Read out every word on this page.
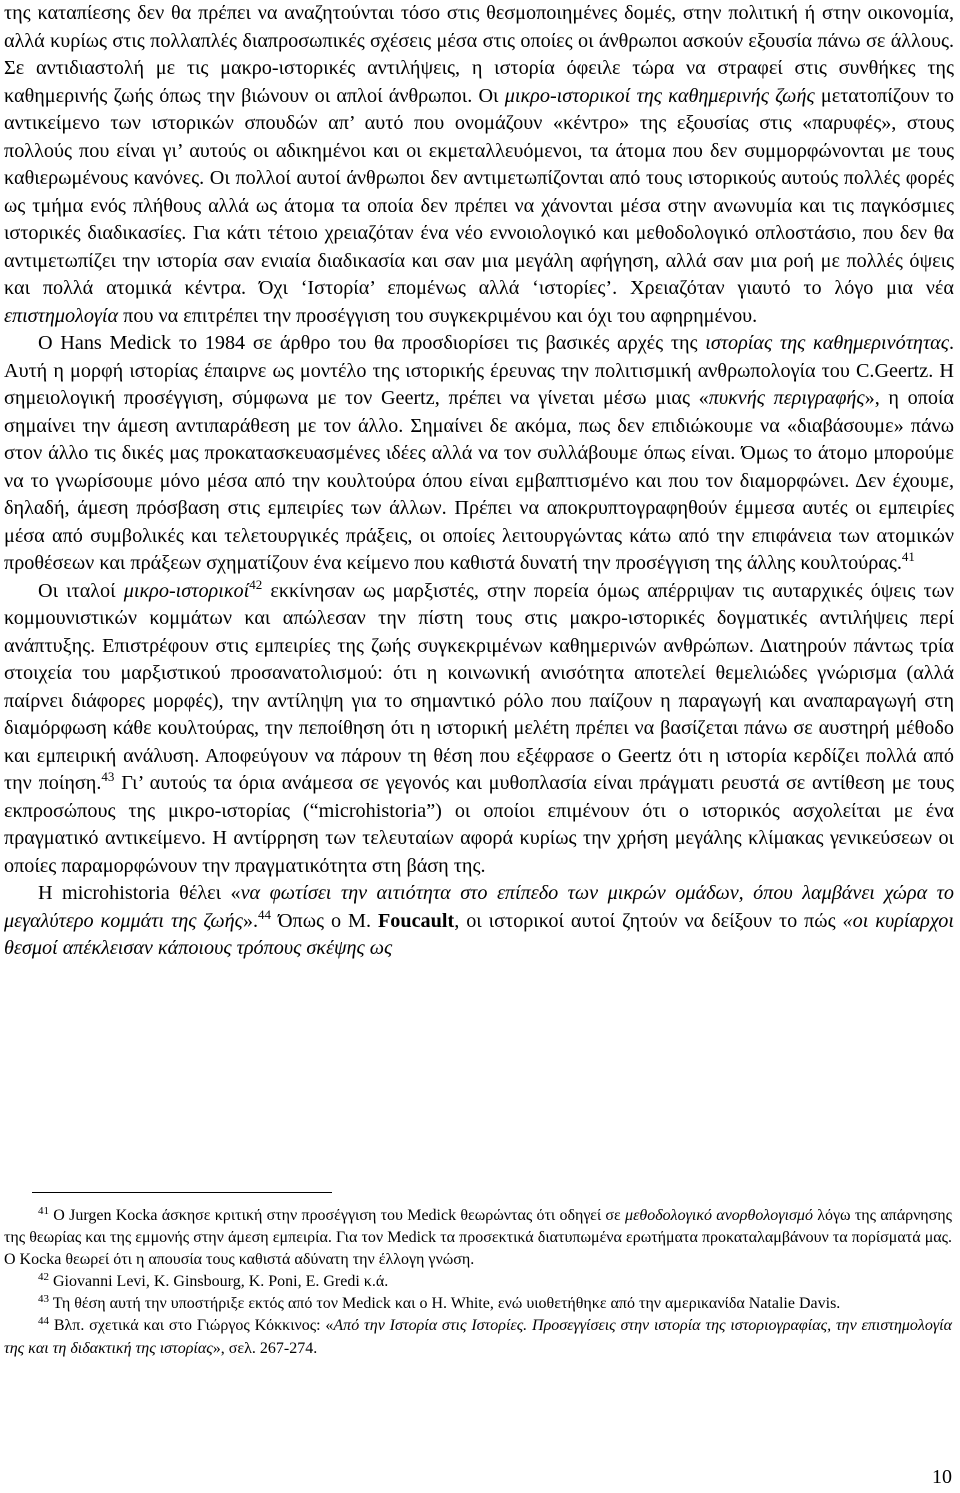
της καταπίεσης δεν θα πρέπει να αναζητούνται τόσο στις θεσμοποιημένες δομές, στην πολιτική ή στην οικονομία, αλλά κυρίως στις πολλαπλές διαπροσωπικές σχέσεις μέσα στις οποίες οι άνθρωποι ασκούν εξουσία πάνω σε άλλους. Σε αντιδιαστολή με τις μακρο-ιστορικές αντιλήψεις, η ιστορία όφειλε τώρα να στραφεί στις συνθήκες της καθημερινής ζωής όπως την βιώνουν οι απλοί άνθρωποι. Οι μικρο-ιστορικοί της καθημερινής ζωής μετατοπίζουν το αντικείμενο των ιστορικών σπουδών απ’ αυτό που ονομάζουν «κέντρο» της εξουσίας στις «παρυφές», στους πολλούς που είναι γι’ αυτούς οι αδικημένοι και οι εκμεταλλευόμενοι, τα άτομα που δεν συμμορφώνονται με τους καθιερωμένους κανόνες. Οι πολλοί αυτοί άνθρωποι δεν αντιμετωπίζονται από τους ιστορικούς αυτούς πολλές φορές ως τμήμα ενός πλήθους αλλά ως άτομα τα οποία δεν πρέπει να χάνονται μέσα στην ανωνυμία και τις παγκόσμιες ιστορικές διαδικασίες. Για κάτι τέτοιο χρειαζόταν ένα νέο εννοιολογικό και μεθοδολογικό οπλοστάσιο, που δεν θα αντιμετωπίζει την ιστορία σαν ενιαία διαδικασία και σαν μια μεγάλη αφήγηση, αλλά σαν μια ροή με πολλές όψεις και πολλά ατομικά κέντρα. Όχι ‘Ιστορία’ επομένως αλλά ‘ιστορίες’. Χρειαζόταν γιαυτό το λόγο μια νέα επιστημολογία που να επιτρέπει την προσέγγιση του συγκεκριμένου και όχι του αφηρημένου.

Ο Hans Medick το 1984 σε άρθρο του θα προσδιορίσει τις βασικές αρχές της ιστορίας της καθημερινότητας. Αυτή η μορφή ιστορίας έπαιρνε ως μοντέλο της ιστορικής έρευνας την πολιτισμική ανθρωπολογία του C.Geertz. Η σημειολογική προσέγγιση, σύμφωνα με τον Geertz, πρέπει να γίνεται μέσω μιας «πυκνής περιγραφής», η οποία σημαίνει την άμεση αντιπαράθεση με τον άλλο. Σημαίνει δε ακόμα, πως δεν επιδιώκουμε να «διαβάσουμε» πάνω στον άλλο τις δικές μας προκατασκευασμένες ιδέες αλλά να τον συλλάβουμε όπως είναι. Όμως το άτομο μπορούμε να το γνωρίσουμε μόνο μέσα από την κουλτούρα όπου είναι εμβαπτισμένο και που τον διαμορφώνει. Δεν έχουμε, δηλαδή, άμεση πρόσβαση στις εμπειρίες των άλλων. Πρέπει να αποκρυπτογραφηθούν έμμεσα αυτές οι εμπειρίες μέσα από συμβολικές και τελετουργικές πράξεις, οι οποίες λειτουργώντας κάτω από την επιφάνεια των ατομικών προθέσεων και πράξεων σχηματίζουν ένα κείμενο που καθιστά δυνατή την προσέγγιση της άλλης κουλτούρας.$^{41}$

Οι ιταλοί μικρο-ιστορικοί$^{42}$ εκκίνησαν ως μαρξιστές, στην πορεία όμως απέρριψαν τις αυταρχικές όψεις των κομμουνιστικών κομμάτων και απώλεσαν την πίστη τους στις μακρο-ιστορικές δογματικές αντιλήψεις περί ανάπτυξης. Επιστρέφουν στις εμπειρίες της ζωής συγκεκριμένων καθημερινών ανθρώπων. Διατηρούν πάντως τρία στοιχεία του μαρξιστικού προσανατολισμού: ότι η κοινωνική ανισότητα αποτελεί θεμελιώδες γνώρισμα (αλλά παίρνει διάφορες μορφές), την αντίληψη για το σημαντικό ρόλο που παίζουν η παραγωγή και αναπαραγωγή στη διαμόρφωση κάθε κουλτούρας, την πεποίθηση ότι η ιστορική μελέτη πρέπει να βασίζεται πάνω σε αυστηρή μέθοδο και εμπειρική ανάλυση. Αποφεύγουν να πάρουν τη θέση που εξέφρασε ο Geertz ότι η ιστορία κερδίζει πολλά από την ποίηση.$^{43}$ Γι’ αυτούς τα όρια ανάμεσα σε γεγονός και μυθοπλασία είναι πράγματι ρευστά σε αντίθεση με τους εκπροσώπους της μικρο-ιστορίας (“microhistoria”) οι οποίοι επιμένουν ότι ο ιστορικός ασχολείται με ένα πραγματικό αντικείμενο. Η αντίρρηση των τελευταίων αφορά κυρίως την χρήση μεγάλης κλίμακας γενικεύσεων οι οποίες παραμορφώνουν την πραγματικότητα στη βάση της.

Η microhistoria θέλει «να φωτίσει την αιτιότητα στο επίπεδο των μικρών ομάδων, όπου λαμβάνει χώρα το μεγαλύτερο κομμάτι της ζωής».$^{44}$ Όπως ο Μ. Foucault, οι ιστορικοί αυτοί ζητούν να δείξουν το πώς «οι κυρίαρχοι θεσμοί απέκλεισαν κάποιους τρόπους σκέψης ως

$^{41}$ Ο Jurgen Kocka άσκησε κριτική στην προσέγγιση του Medick θεωρώντας ότι οδηγεί σε μεθοδολογικό ανορθολογισμό λόγω της απάρνησης της θεωρίας και της εμμονής στην άμεση εμπειρία. Για τον Medick τα προσεκτικά διατυπωμένα ερωτήματα προκαταλαμβάνουν τα πορίσματά μας. Ο Kocka θεωρεί ότι η απουσία τους καθιστά αδύνατη την έλλογη γνώση.

$^{42}$ Giovanni Levi, K. Ginsbourg, K. Poni, E. Gredi κ.ά.

$^{43}$ Τη θέση αυτή την υποστήριξε εκτός από τον Medick και ο H. White, ενώ υιοθετήθηκε από την αμερικανίδα Natalie Davis.

$^{44}$ Βλπ. σχετικά και στο Γιώργος Κόκκινος: «Από την Ιστορία στις Ιστορίες. Προσεγγίσεις στην ιστορία της ιστοριογραφίας, την επιστημολογία της και τη διδακτική της ιστορίας», σελ. 267-274.

10
